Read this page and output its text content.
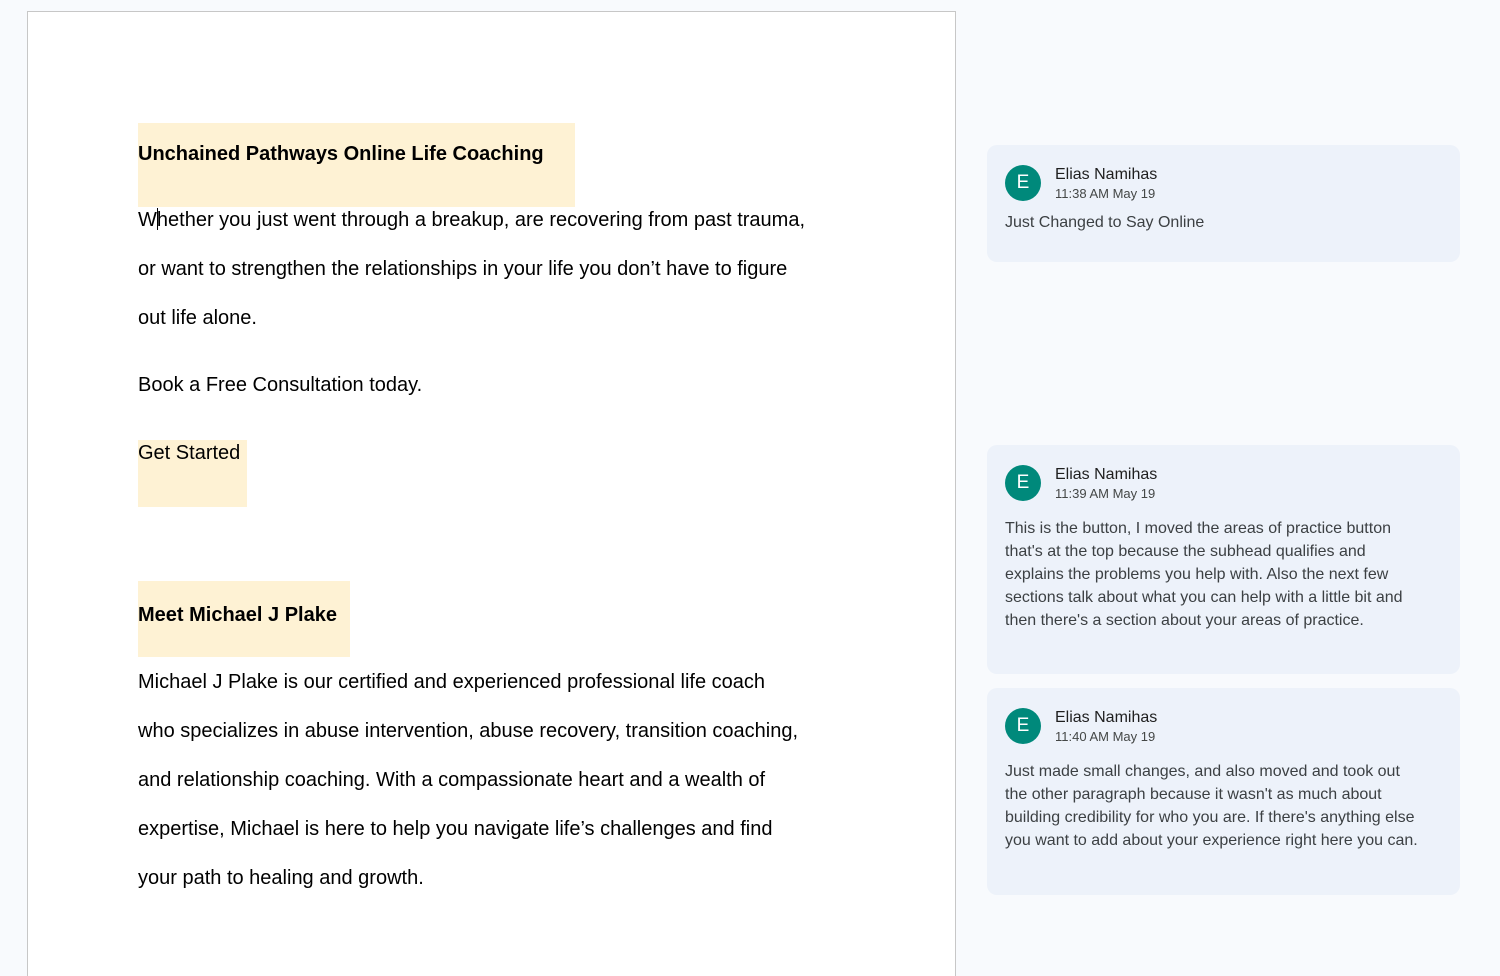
Unchained Pathways Online Life Coaching
Whether you just went through a breakup, are recovering from past trauma,
or want to strengthen the relationships in your life you don’t have to figure
out life alone.
Book a Free Consultation today.
Get Started
Meet Michael J Plake
Michael J Plake is our certified and experienced professional life coach
who specializes in abuse intervention, abuse recovery, transition coaching,
and relationship coaching. With a compassionate heart and a wealth of
expertise, Michael is here to help you navigate life’s challenges and find
your path to healing and growth.
E	Elias Namihas
11:38 AM May 19
Just Changed to Say Online
E	Elias Namihas
11:39 AM May 19
This is the button, I moved the areas of practice button that's at the top because the subhead qualifies and explains the problems you help with. Also the next few sections talk about what you can help with a little bit and then there's a section about your areas of practice.
E	Elias Namihas
11:40 AM May 19
Just made small changes, and also moved and took out the other paragraph because it wasn't as much about building credibility for who you are. If there's anything else you want to add about your experience right here you can.
